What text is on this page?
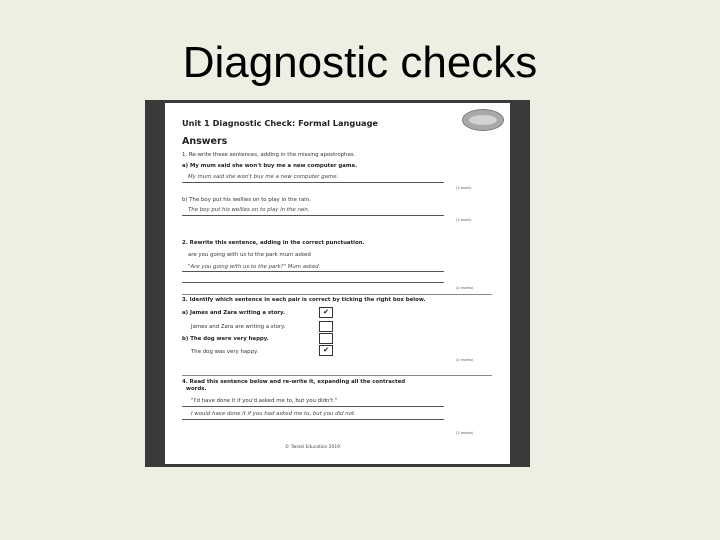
Diagnostic checks
Unit 1 Diagnostic Check: Formal Language
Answers
1. Re-write these sentences, adding in the missing apostrophes.
a) My mum said she won't buy me a new computer game.
My mum said she won't buy me a new computer game.
(1 mark)
b) The boy put his wellies on to play in the rain.
The boy put his wellies on to play in the rain.
(1 mark)
2. Rewrite this sentence, adding in the correct punctuation.
are you going with us to the park mum asked
"Are you going with us to the park?" Mum asked.
(2 marks)
3. Identify which sentence in each pair is correct by ticking the right box below.
a) James and Zara writing a story.	✔
James and Zara are writing a story.
b) The dog were very happy.
The dog was very happy.	✔
(2 marks)
4. Read this sentence below and re-write it, expanding all the contracted
words.
"I'd have done it if you'd asked me to, but you didn't."
I would have done it if you had asked me to, but you did not.
(2 marks)
© Twinkl Education 2019
